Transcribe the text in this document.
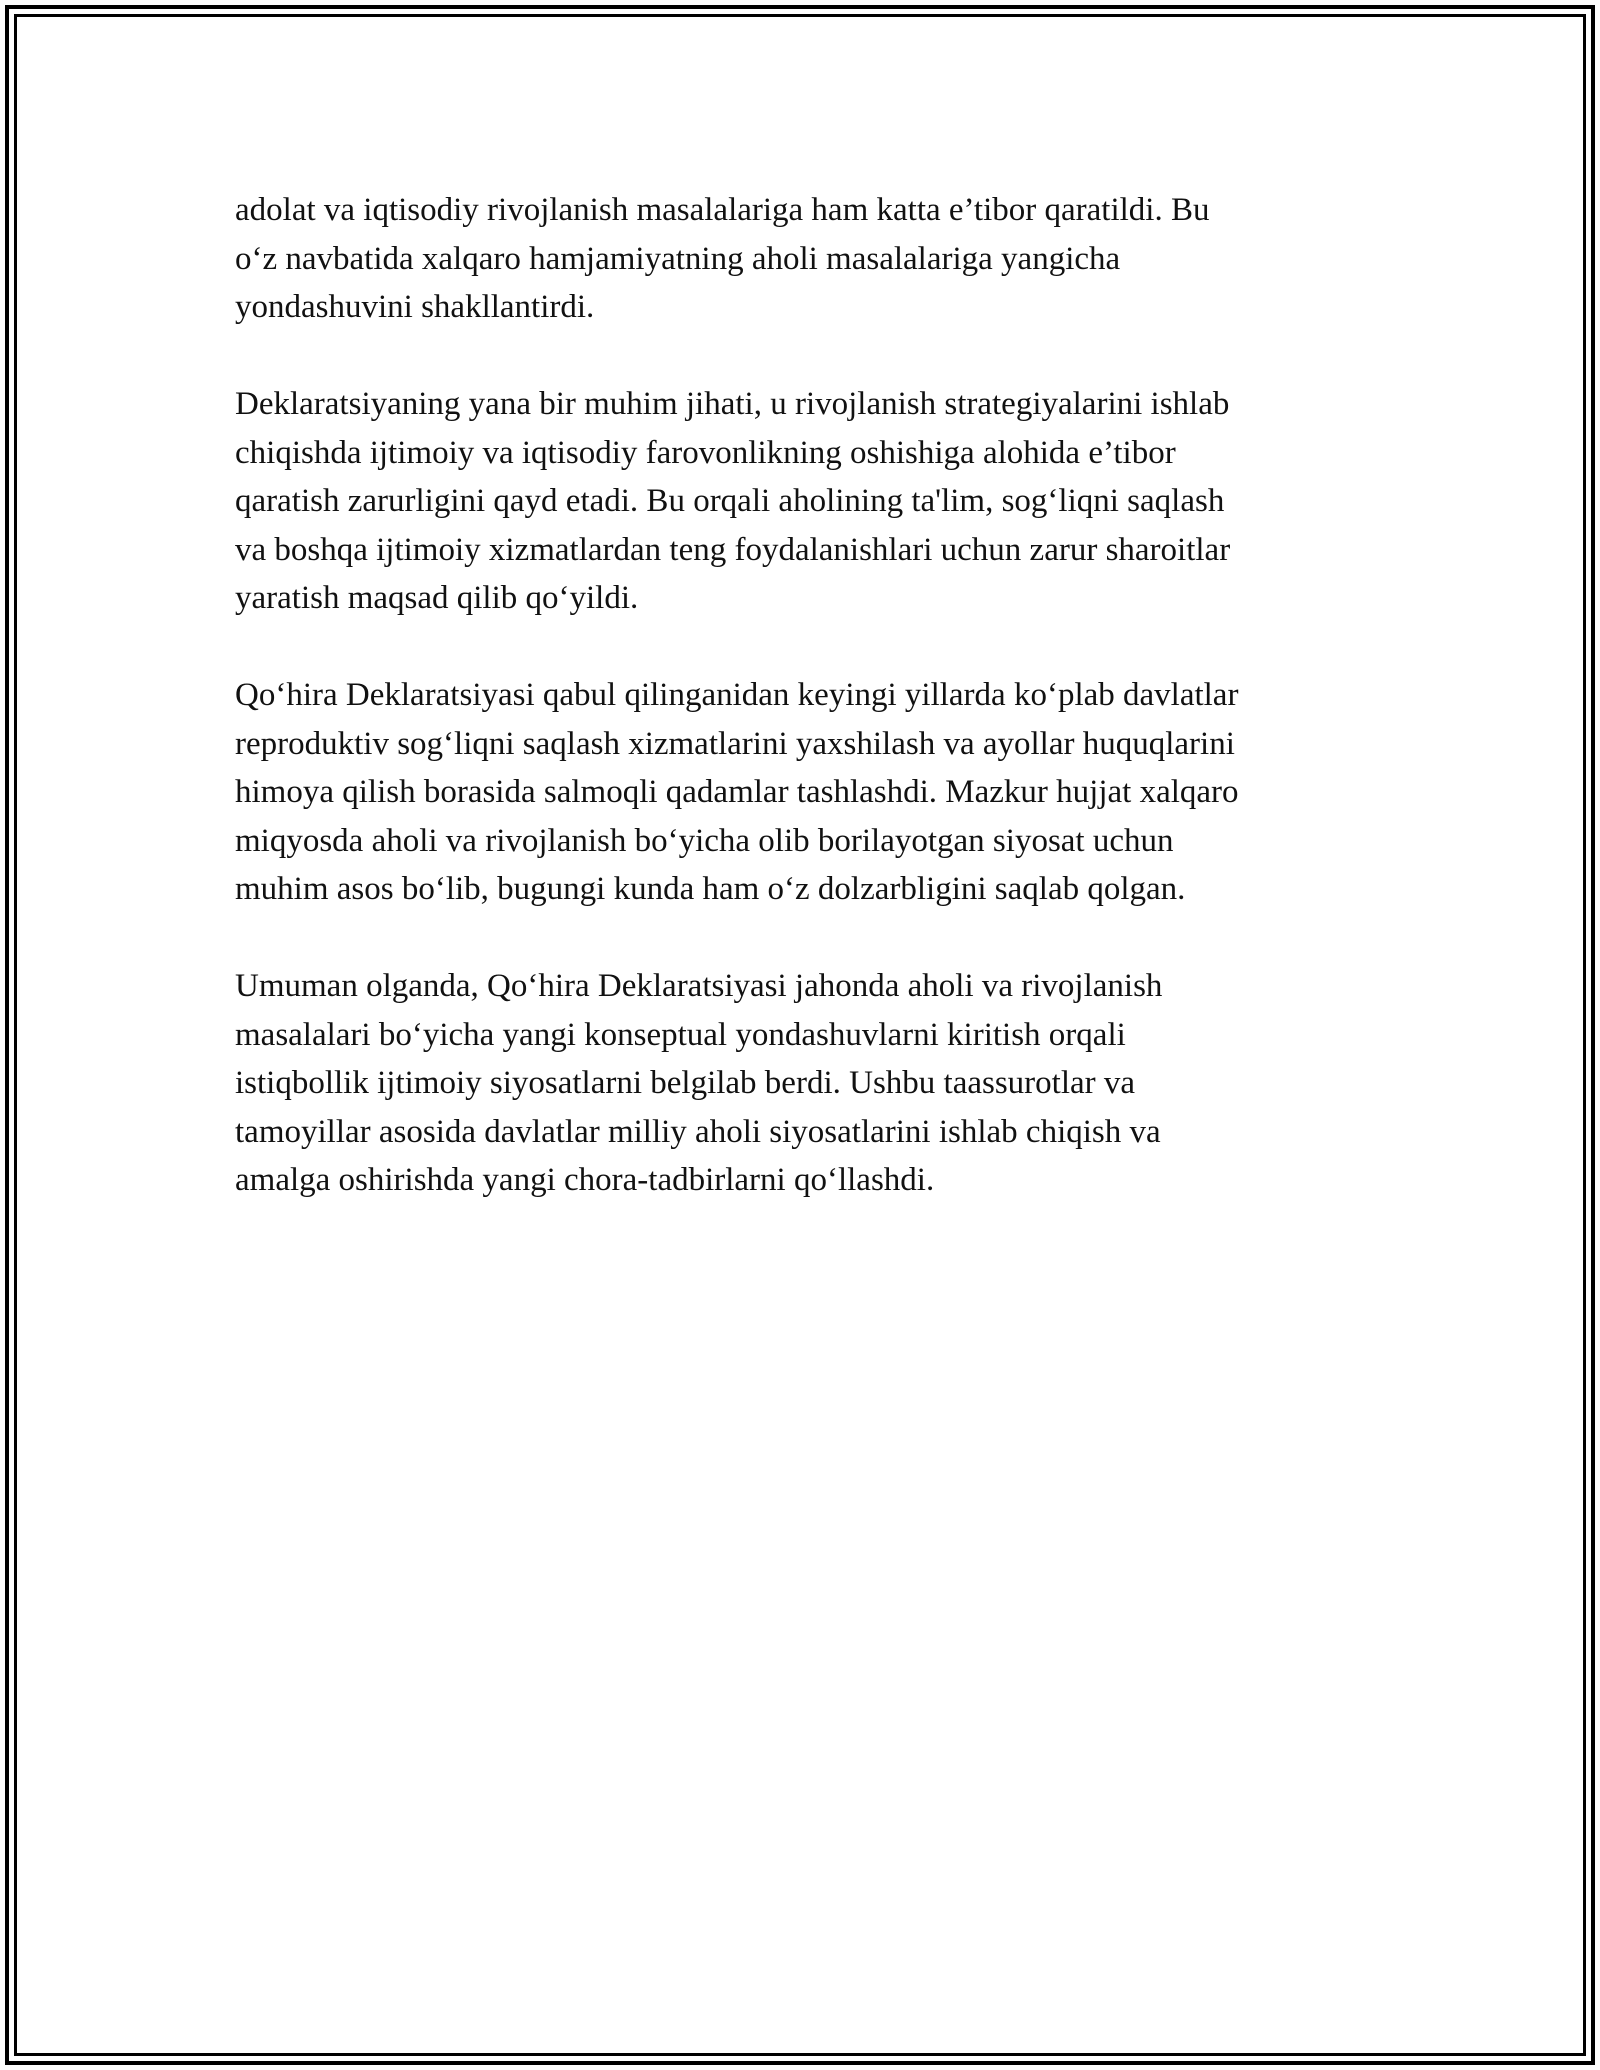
adolat va iqtisodiy rivojlanish masalalariga ham katta e’tibor qaratildi. Bu
o‘z navbatida xalqaro hamjamiyatning aholi masalalariga yangicha
yondashuvini shakllantirdi.

Deklaratsiyaning yana bir muhim jihati, u rivojlanish strategiyalarini ishlab
chiqishda ijtimoiy va iqtisodiy farovonlikning oshishiga alohida e’tibor
qaratish zarurligini qayd etadi. Bu orqali aholining ta'lim, sog‘liqni saqlash
va boshqa ijtimoiy xizmatlardan teng foydalanishlari uchun zarur sharoitlar
yaratish maqsad qilib qo‘yildi.

Qo‘hira Deklaratsiyasi qabul qilinganidan keyingi yillarda ko‘plab davlatlar
reproduktiv sog‘liqni saqlash xizmatlarini yaxshilash va ayollar huquqlarini
himoya qilish borasida salmoqli qadamlar tashlashdi. Mazkur hujjat xalqaro
miqyosda aholi va rivojlanish bo‘yicha olib borilayotgan siyosat uchun
muhim asos bo‘lib, bugungi kunda ham o‘z dolzarbligini saqlab qolgan.

Umuman olganda, Qo‘hira Deklaratsiyasi jahonda aholi va rivojlanish
masalalari bo‘yicha yangi konseptual yondashuvlarni kiritish orqali
istiqbollik ijtimoiy siyosatlarni belgilab berdi. Ushbu taassurotlar va
tamoyillar asosida davlatlar milliy aholi siyosatlarini ishlab chiqish va
amalga oshirishda yangi chora-tadbirlarni qo‘llashdi.
